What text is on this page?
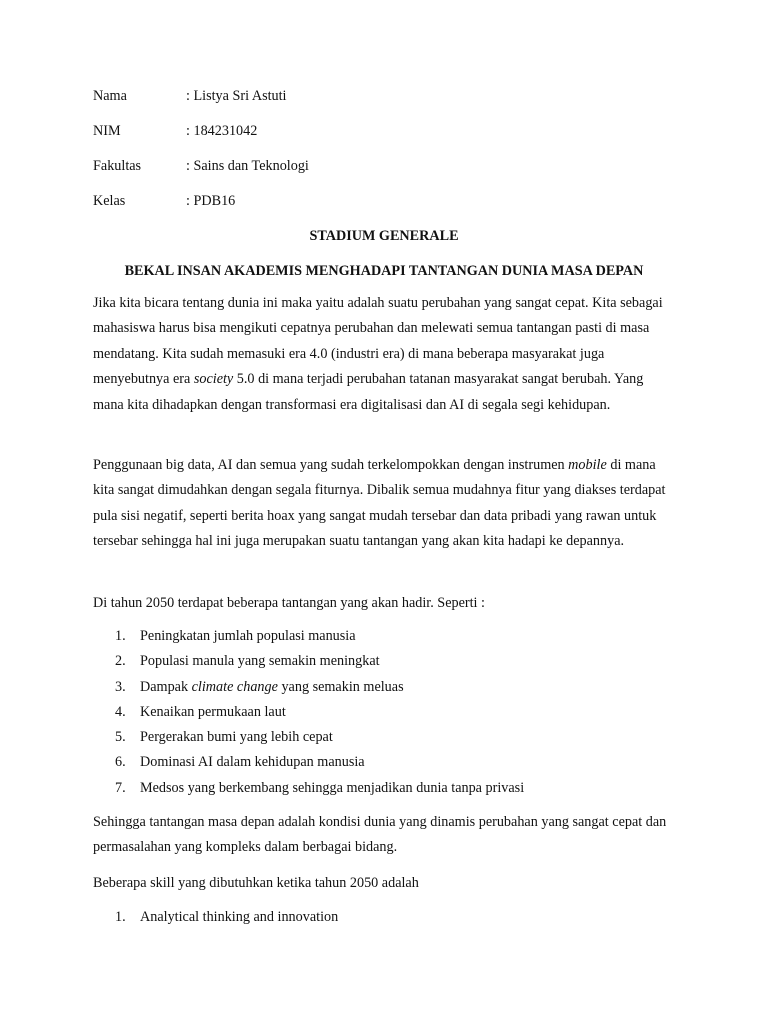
Nama	: Listya Sri Astuti
NIM	: 184231042
Fakultas	: Sains dan Teknologi
Kelas	: PDB16
STADIUM GENERALE
BEKAL INSAN AKADEMIS MENGHADAPI TANTANGAN DUNIA MASA DEPAN

Jika kita bicara tentang dunia ini maka yaitu adalah suatu perubahan yang sangat cepat. Kita sebagai mahasiswa harus bisa mengikuti cepatnya perubahan dan melewati semua tantangan pasti di masa mendatang. Kita sudah memasuki era 4.0 (industri era) di mana beberapa masyarakat juga menyebutnya era society 5.0 di mana terjadi perubahan tatanan masyarakat sangat berubah. Yang mana kita dihadapkan dengan transformasi era digitalisasi dan AI di segala segi kehidupan.

Penggunaan big data, AI dan semua yang sudah terkelompokkan dengan instrumen mobile di mana kita sangat dimudahkan dengan segala fiturnya. Dibalik semua mudahnya fitur yang diakses terdapat pula sisi negatif, seperti berita hoax yang sangat mudah tersebar dan data pribadi yang rawan untuk tersebar sehingga hal ini juga merupakan suatu tantangan yang akan kita hadapi ke depannya.

Di tahun 2050 terdapat beberapa tantangan yang akan hadir. Seperti :
1. Peningkatan jumlah populasi manusia
2. Populasi manula yang semakin meningkat
3. Dampak climate change yang semakin meluas
4. Kenaikan permukaan laut
5. Pergerakan bumi yang lebih cepat
6. Dominasi AI dalam kehidupan manusia
7. Medsos yang berkembang sehingga menjadikan dunia tanpa privasi

Sehingga tantangan masa depan adalah kondisi dunia yang dinamis perubahan yang sangat cepat dan permasalahan yang kompleks dalam berbagai bidang.

Beberapa skill yang dibutuhkan ketika tahun 2050 adalah
1. Analytical thinking and innovation
